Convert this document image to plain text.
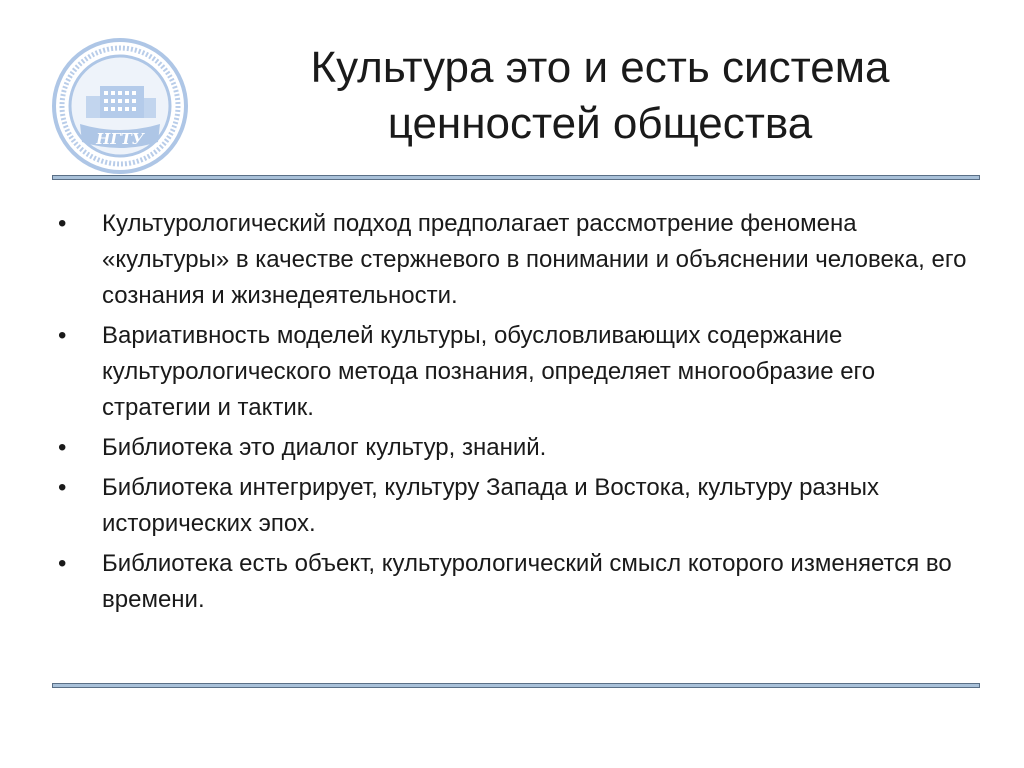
НГТУ
Культура это и есть система
ценностей общества
•	Культурологический подход предполагает рассмотрение феномена «культуры» в качестве стержневого в понимании и объяснении человека, его сознания и жизнедеятельности.
•	Вариативность моделей культуры, обусловливающих содержание культурологического метода познания, определяет многообразие его стратегии и тактик.
•	Библиотека это диалог культур, знаний.
•	Библиотека интегрирует, культуру Запада и Востока, культуру разных исторических эпох.
•	Библиотека есть объект, культурологический смысл которого изменяется во времени.
